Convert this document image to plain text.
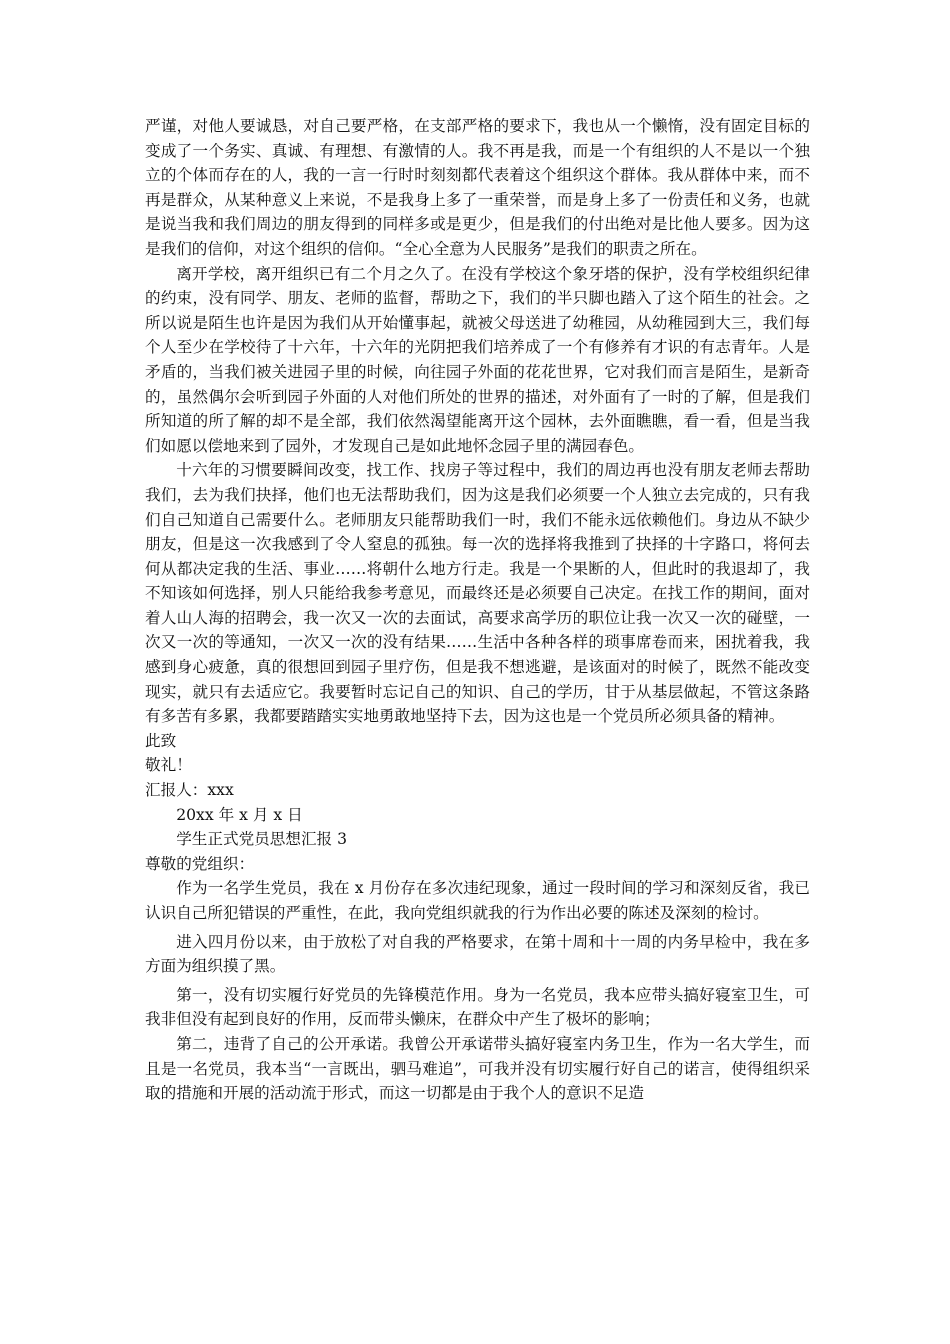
严谨，对他人要诚恳，对自己要严格，在支部严格的要求下，我也从一个懒惰，没有固定目标的变成了一个务实、真诚、有理想、有激情的人。我不再是我，而是一个有组织的人不是以一个独立的个体而存在的人，我的一言一行时时刻刻都代表着这个组织这个群体。我从群体中来，而不再是群众，从某种意义上来说，不是我身上多了一重荣誉，而是身上多了一份责任和义务，也就是说当我和我们周边的朋友得到的同样多或是更少，但是我们的付出绝对是比他人要多。因为这是我们的信仰，对这个组织的信仰。“全心全意为人民服务”是我们的职责之所在。

离开学校，离开组织已有二个月之久了。在没有学校这个象牙塔的保护，没有学校组织纪律的约束，没有同学、朋友、老师的监督，帮助之下，我们的半只脚也踏入了这个陌生的社会。之所以说是陌生也许是因为我们从开始懂事起，就被父母送进了幼稚园，从幼稚园到大三，我们每个人至少在学校待了十六年，十六年的光阴把我们培养成了一个有修养有才识的有志青年。人是矛盾的，当我们被关进园子里的时候，向往园子外面的花花世界，它对我们而言是陌生，是新奇的，虽然偶尔会听到园子外面的人对他们所处的世界的描述，对外面有了一时的了解，但是我们所知道的所了解的却不是全部，我们依然渴望能离开这个园林，去外面瞧瞧，看一看，但是当我们如愿以偿地来到了园外，才发现自己是如此地怀念园子里的满园春色。

十六年的习惯要瞬间改变，找工作、找房子等过程中，我们的周边再也没有朋友老师去帮助我们，去为我们抉择，他们也无法帮助我们，因为这是我们必须要一个人独立去完成的，只有我们自己知道自己需要什么。老师朋友只能帮助我们一时，我们不能永远依赖他们。身边从不缺少朋友，但是这一次我感到了令人窒息的孤独。每一次的选择将我推到了抉择的十字路口，将何去何从都决定我的生活、事业……将朝什么地方行走。我是一个果断的人，但此时的我退却了，我不知该如何选择，别人只能给我参考意见，而最终还是必须要自己决定。在找工作的期间，面对着人山人海的招聘会，我一次又一次的去面试，高要求高学历的职位让我一次又一次的碰壁，一次又一次的等通知，一次又一次的没有结果……生活中各种各样的琐事席卷而来，困扰着我，我感到身心疲惫，真的很想回到园子里疗伤，但是我不想逃避，是该面对的时候了，既然不能改变现实，就只有去适应它。我要暂时忘记自己的知识、自己的学历，甘于从基层做起，不管这条路有多苦有多累，我都要踏踏实实地勇敢地坚持下去，因为这也是一个党员所必须具备的精神。

此致

敬礼！

汇报人：xxx

20xx 年 x 月 x 日

学生正式党员思想汇报 3

尊敬的党组织：

作为一名学生党员，我在 x 月份存在多次违纪现象，通过一段时间的学习和深刻反省，我已认识自己所犯错误的严重性，在此，我向党组织就我的行为作出必要的陈述及深刻的检讨。

进入四月份以来，由于放松了对自我的严格要求，在第十周和十一周的内务早检中，我在多方面为组织摸了黑。

第一，没有切实履行好党员的先锋模范作用。身为一名党员，我本应带头搞好寝室卫生，可我非但没有起到良好的作用，反而带头懒床，在群众中产生了极坏的影响；

第二，违背了自己的公开承诺。我曾公开承诺带头搞好寝室内务卫生，作为一名大学生，而且是一名党员，我本当“一言既出，驷马难追”，可我并没有切实履行好自己的诺言，使得组织采取的措施和开展的活动流于形式，而这一切都是由于我个人的意识不足造
